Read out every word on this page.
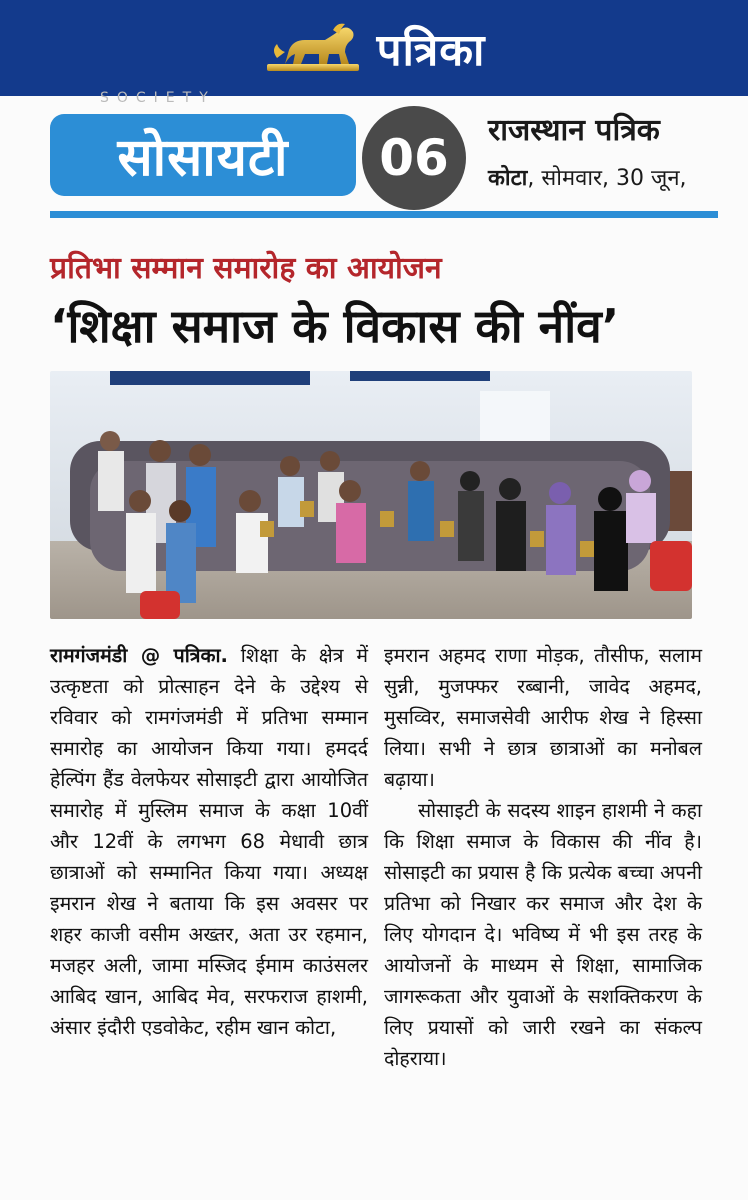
पत्रिका
SOCIETY
सोसायटी 06 राजस्थान पत्रिक
कोटा, सोमवार, 30 जून,
प्रतिभा सम्मान समारोह का आयोजन
‘शिक्षा समाज के विकास की नींव’

रामगंजमंडी @ पत्रिका. शिक्षा के क्षेत्र में उत्कृष्टता को प्रोत्साहन देने के उद्देश्य से रविवार को रामगंजमंडी में प्रतिभा सम्मान समारोह का आयोजन किया गया। हमदर्द हेल्पिंग हैंड वेलफेयर सोसाइटी द्वारा आयोजित समारोह में मुस्लिम समाज के कक्षा 10वीं और 12वीं के लगभग 68 मेधावी छात्र छात्राओं को सम्मानित किया गया। अध्यक्ष इमरान शेख ने बताया कि इस अवसर पर शहर काजी वसीम अख्तर, अता उर रहमान, मजहर अली, जामा मस्जिद ईमाम काउंसलर आबिद खान, आबिद मेव, सरफराज हाशमी, अंसार इंदौरी एडवोकेट, रहीम खान कोटा,

इमरान अहमद राणा मोड़क, तौसीफ, सलाम सुन्नी, मुजफ्फर रब्बानी, जावेद अहमद, मुसव्विर, समाजसेवी आरीफ शेख ने हिस्सा लिया। सभी ने छात्र छात्राओं का मनोबल बढ़ाया।

सोसाइटी के सदस्य शाइन हाशमी ने कहा कि शिक्षा समाज के विकास की नींव है। सोसाइटी का प्रयास है कि प्रत्येक बच्चा अपनी प्रतिभा को निखार कर समाज और देश के लिए योगदान दे। भविष्य में भी इस तरह के आयोजनों के माध्यम से शिक्षा, सामाजिक जागरूकता और युवाओं के सशक्तिकरण के लिए प्रयासों को जारी रखने का संकल्प दोहराया।
